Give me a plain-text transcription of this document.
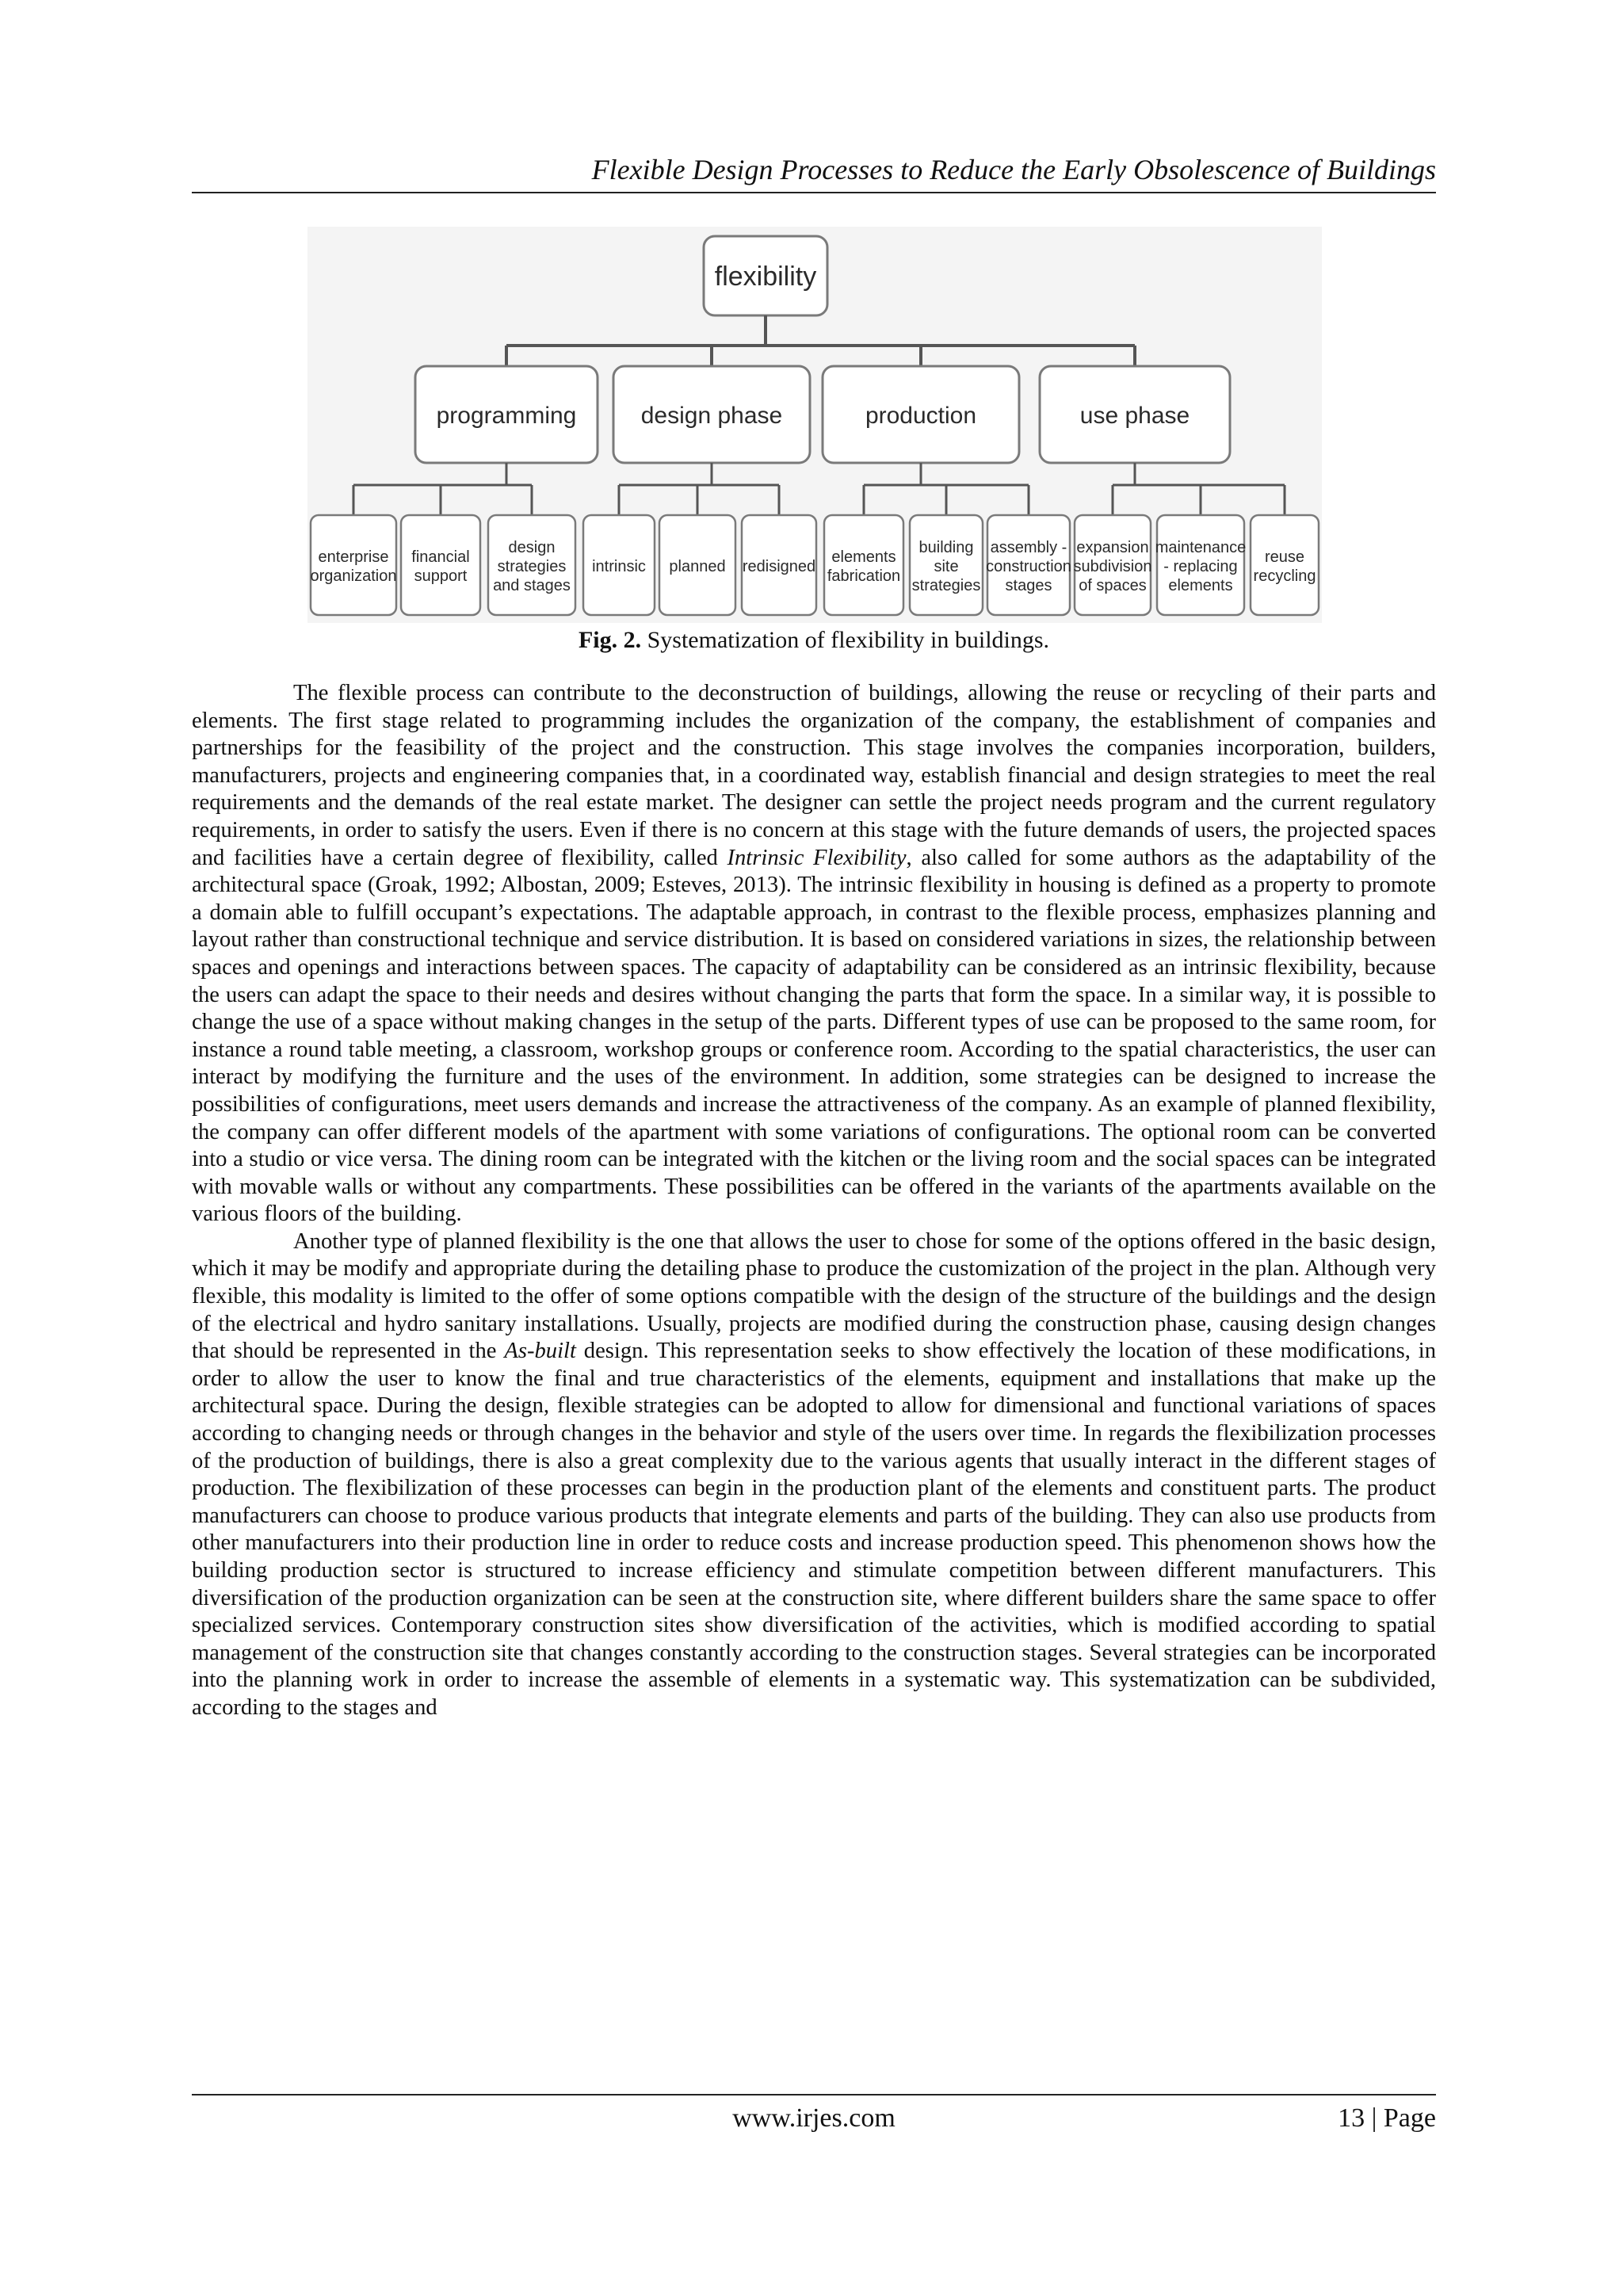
Flexible Design Processes to Reduce the Early Obsolescence of Buildings
flexibility
programming
enterprise
organization
financial
support
design
strategies
and stages
design phase
intrinsic planned redisigned
production
elements
fabrication
building
site
strategies
assembly -
construction
stages
use phase
expansion
subdivision
of spaces
maintenance
- replacing
elements
reuse
recycling
Fig. 2. Systematization of flexibility in buildings.

The flexible process can contribute to the deconstruction of buildings, allowing the reuse or recycling of their parts and elements. The first stage related to programming includes the organization of the company, the establishment of companies and partnerships for the feasibility of the project and the construction. This stage involves the companies incorporation, builders, manufacturers, projects and engineering companies that, in a coordinated way, establish financial and design strategies to meet the real requirements and the demands of the real estate market. The designer can settle the project needs program and the current regulatory requirements, in order to satisfy the users. Even if there is no concern at this stage with the future demands of users, the projected spaces and facilities have a certain degree of flexibility, called Intrinsic Flexibility, also called for some authors as the adaptability of the architectural space (Groak, 1992; Albostan, 2009; Esteves, 2013). The intrinsic flexibility in housing is defined as a property to promote a domain able to fulfill occupant’s expectations. The adaptable approach, in contrast to the flexible process, emphasizes planning and layout rather than constructional technique and service distribution. It is based on considered variations in sizes, the relationship between spaces and openings and interactions between spaces. The capacity of adaptability can be considered as an intrinsic flexibility, because the users can adapt the space to their needs and desires without changing the parts that form the space. In a similar way, it is possible to change the use of a space without making changes in the setup of the parts. Different types of use can be proposed to the same room, for instance a round table meeting, a classroom, workshop groups or conference room. According to the spatial characteristics, the user can interact by modifying the furniture and the uses of the environment. In addition, some strategies can be designed to increase the possibilities of configurations, meet users demands and increase the attractiveness of the company. As an example of planned flexibility, the company can offer different models of the apartment with some variations of configurations. The optional room can be converted into a studio or vice versa. The dining room can be integrated with the kitchen or the living room and the social spaces can be integrated with movable walls or without any compartments. These possibilities can be offered in the variants of the apartments available on the various floors of the building.

Another type of planned flexibility is the one that allows the user to chose for some of the options offered in the basic design, which it may be modify and appropriate during the detailing phase to produce the customization of the project in the plan. Although very flexible, this modality is limited to the offer of some options compatible with the design of the structure of the buildings and the design of the electrical and hydro sanitary installations. Usually, projects are modified during the construction phase, causing design changes that should be represented in the As-built design. This representation seeks to show effectively the location of these modifications, in order to allow the user to know the final and true characteristics of the elements, equipment and installations that make up the architectural space. During the design, flexible strategies can be adopted to allow for dimensional and functional variations of spaces according to changing needs or through changes in the behavior and style of the users over time. In regards the flexibilization processes of the production of buildings, there is also a great complexity due to the various agents that usually interact in the different stages of production. The flexibilization of these processes can begin in the production plant of the elements and constituent parts. The product manufacturers can choose to produce various products that integrate elements and parts of the building. They can also use products from other manufacturers into their production line in order to reduce costs and increase production speed. This phenomenon shows how the building production sector is structured to increase efficiency and stimulate competition between different manufacturers. This diversification of the production organization can be seen at the construction site, where different builders share the same space to offer specialized services. Contemporary construction sites show diversification of the activities, which is modified according to spatial management of the construction site that changes constantly according to the construction stages. Several strategies can be incorporated into the planning work in order to increase the assemble of elements in a systematic way. This systematization can be subdivided, according to the stages and

www.irjes.com	13 | Page
